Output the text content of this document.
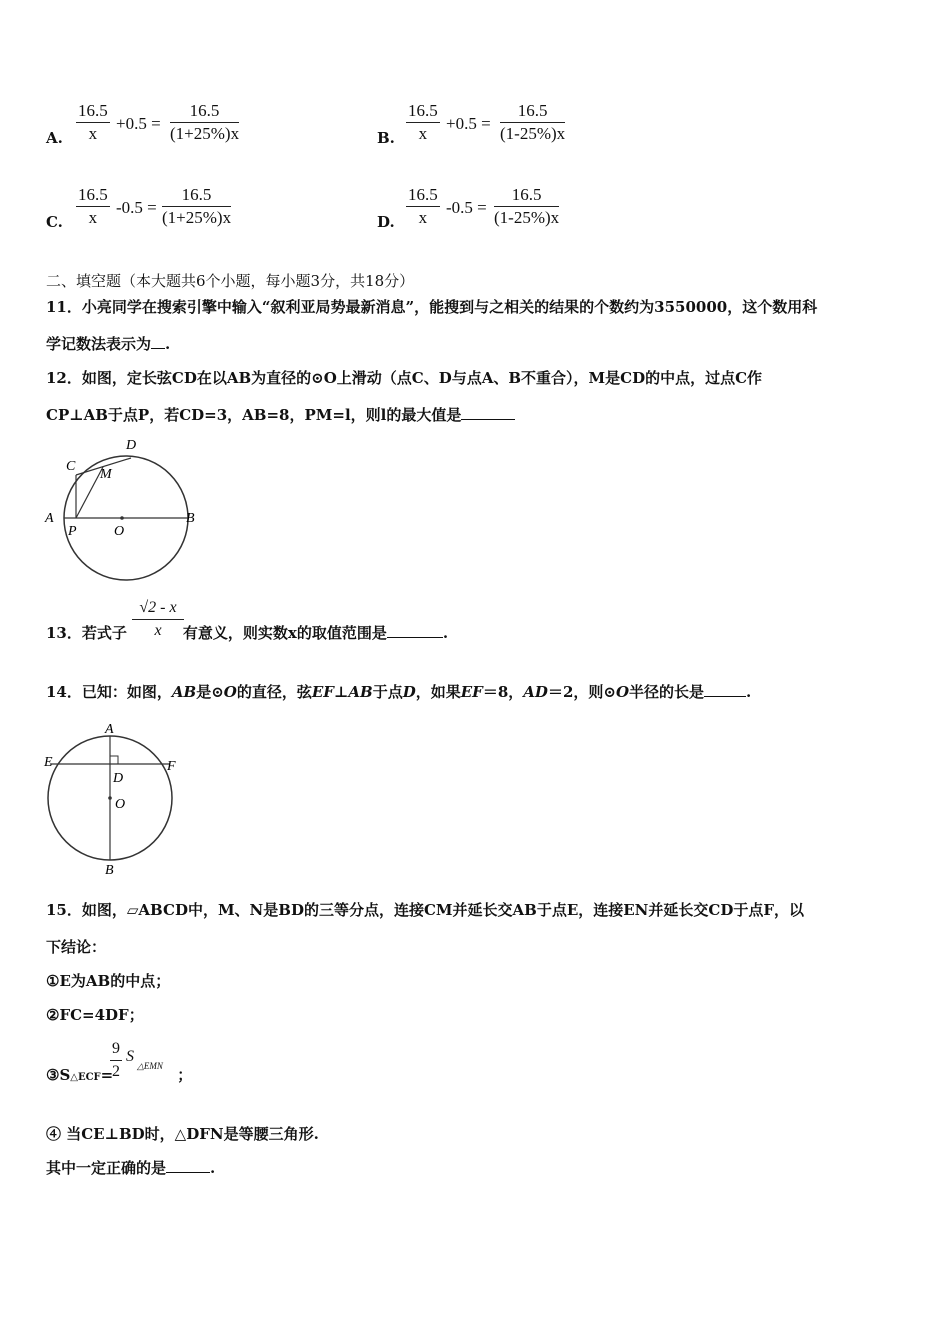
A. $\frac{16.5}{x} +0.5 = \frac{16.5}{(1+25\%)x}$	B. $\frac{16.5}{x} +0.5 = \frac{16.5}{(1-25\%)x}$
C. $\frac{16.5}{x} -0.5 = \frac{16.5}{(1+25\%)x}$	D. $\frac{16.5}{x} -0.5 = \frac{16.5}{(1-25\%)x}$
二、填空题（本大题共6个小题，每小题3分，共18分）
11．小亮同学在搜索引擎中输入“叙利亚局势最新消息”，能搜到与之相关的结果的个数约为3550000，这个数用科
学记数法表示为 .
12．如图，定长弦CD在以AB为直径的⊙O上滑动（点C、D与点A、B不重合），M是CD的中点，过点C作
CP⊥AB于点P，若CD=3，AB=8，PM=l，则l的最大值是
A	B
C
D
M
P	O
13．若式子	有意义，则实数x的取值范围是	.
$\frac{√2 - x}{x}$
14．已知：如图，AB是⊙O的直径，弦EF⊥AB于点D，如果EF＝8，AD＝2，则⊙O半径的长是	.
A
B
E	F
D
O
15．如图，▱ABCD中，M、N是BD的三等分点，连接CM并延长交AB于点E，连接EN并延长交CD于点F，以
下结论：
①E为AB的中点；
②FC=4DF；
③S△ECF=	；
$\frac{9}{2}$ S
△EMN
④ 当CE⊥BD时，△DFN是等腰三角形.
其中一定正确的是	.
